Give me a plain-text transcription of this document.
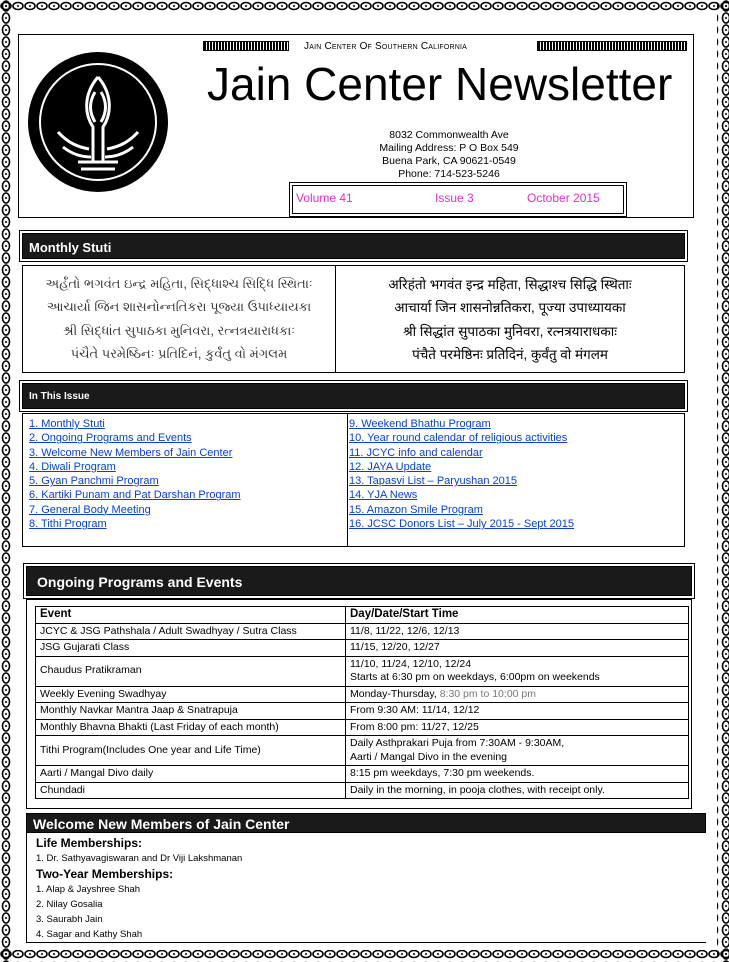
Jain Center Of Southern California
Jain Center Newsletter
8032 Commonwealth Ave
Mailing Address: P O Box 549
Buena Park, CA 90621-0549
Phone: 714-523-5246
Volume 41	Issue 3	October 2015
Monthly Stuti
અર્હંતો ભગવંત ઇન્દ્ર મહિતા, સિદ્ધાશ્ચ સિદ્ધિ સ્થિતાઃ
આચાર્યા જિન શાસનોન્નતિકરા પૂજ્યા ઉપાધ્યાયકા
શ્રી સિદ્ધાંત સુપાઠકા મુનિવરા, રત્નત્રયારાધકાઃ
પંચૈતે પરમેષ્ઠિનઃ પ્રતિદિનં, કુર્વંતુ વો મંગલમ
अरिहंतो भगवंत इन्द्र महिता, सिद्धाश्च सिद्धि स्थिताः
आचार्या जिन शासनोन्नतिकरा, पूज्या उपाध्यायका
श्री सिद्धांत सुपाठका मुनिवरा, रत्नत्रयाराधकाः
पंचैते परमेष्ठिनः प्रतिदिनं, कुर्वंतु वो मंगलम
In This Issue
1. Monthly Stuti
2. Ongoing Programs and Events
3. Welcome New Members of Jain Center
4. Diwali Program
5. Gyan Panchmi Program
6. Kartiki Punam and Pat Darshan Program
7. General Body Meeting
8. Tithi Program
9. Weekend Bhathu Program
10. Year round calendar of religious activities
11. JCYC info and calendar
12. JAYA Update
13. Tapasvi List – Paryushan 2015
14. YJA News
15. Amazon Smile Program
16. JCSC Donors List – July 2015 - Sept 2015
Ongoing Programs and Events
Event	Day/Date/Start Time
JCYC & JSG Pathshala / Adult Swadhyay / Sutra Class	11/8, 11/22, 12/6, 12/13
JSG Gujarati Class	11/15, 12/20, 12/27
Chaudus Pratikraman	11/10, 11/24, 12/10, 12/24
Starts at 6:30 pm on weekdays, 6:00pm on weekends

Weekly Evening Swadhyay	Monday-Thursday, 8:30 pm to 10:00 pm
Monthly Navkar Mantra Jaap & Snatrapuja	From 9:30 AM: 11/14, 12/12
Monthly Bhavna Bhakti (Last Friday of each month)	From 8:00 pm: 11/27, 12/25
Tithi Program(Includes One year and Life Time)	Daily Asthprakari Puja from 7:30AM - 9:30AM,
Aarti / Mangal Divo in the evening

Aarti / Mangal Divo daily	8:15 pm weekdays, 7:30 pm weekends.
Chundadi	Daily in the morning, in pooja clothes, with receipt only.
Welcome New Members of Jain Center
Life Memberships:
1. Dr. Sathyavagiswaran and Dr Viji Lakshmanan
Two-Year Memberships:
1. Alap & Jayshree Shah
2. Nilay Gosalia
3. Saurabh Jain
4. Sagar and Kathy Shah
